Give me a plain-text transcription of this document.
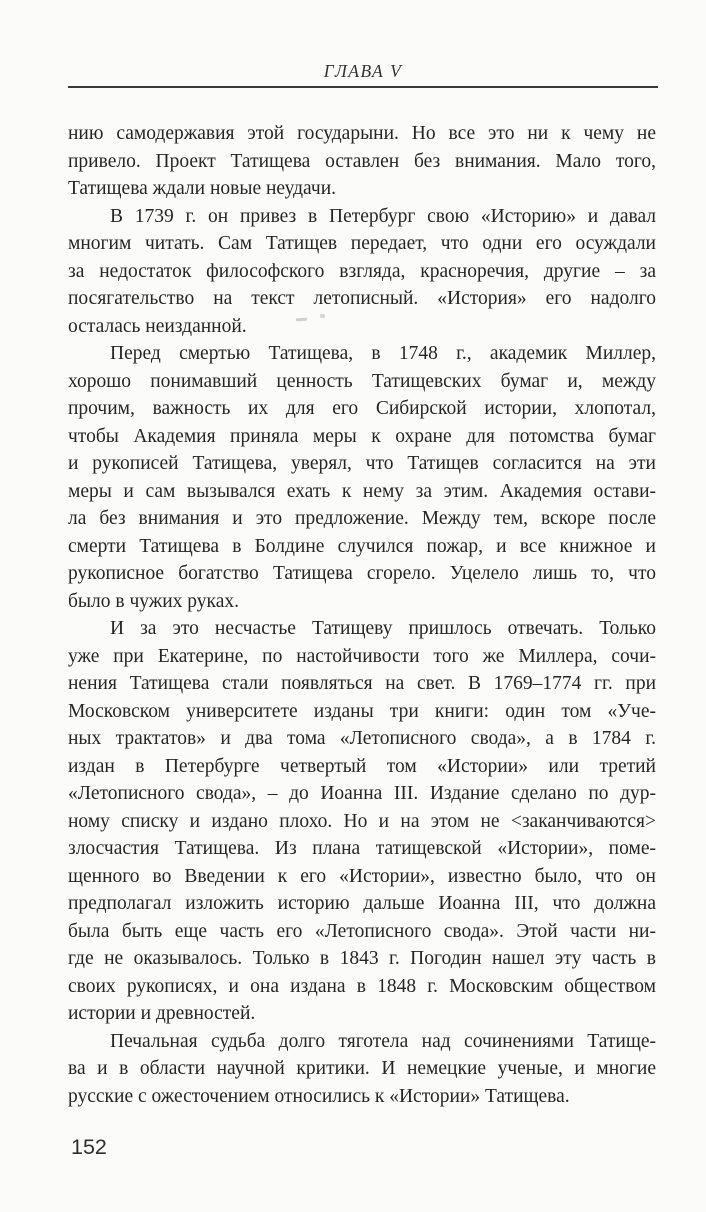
ГЛАВА V
нию самодержавия этой государыни. Но все это ни к чему не
привело. Проект Татищева оставлен без внимания. Мало того,
Татищева ждали новые неудачи.
В 1739 г. он привез в Петербург свою «Историю» и давал
многим читать. Сам Татищев передает, что одни его осуждали
за недостаток философского взгляда, красноречия, другие – за
посягательство на текст летописный. «История» его надолго
осталась неизданной.
Перед смертью Татищева, в 1748 г., академик Миллер,
хорошо понимавший ценность Татищевских бумаг и, между
прочим, важность их для его Сибирской истории, хлопотал,
чтобы Академия приняла меры к охране для потомства бумаг
и рукописей Татищева, уверял, что Татищев согласится на эти
меры и сам вызывался ехать к нему за этим. Академия остави-
ла без внимания и это предложение. Между тем, вскоре после
смерти Татищева в Болдине случился пожар, и все книжное и
рукописное богатство Татищева сгорело. Уцелело лишь то, что
было в чужих руках.
И за это несчастье Татищеву пришлось отвечать. Только
уже при Екатерине, по настойчивости того же Миллера, сочи-
нения Татищева стали появляться на свет. В 1769–1774 гг. при
Московском университете изданы три книги: один том «Уче-
ных трактатов» и два тома «Летописного свода», а в 1784 г.
издан в Петербурге четвертый том «Истории» или третий
«Летописного свода», – до Иоанна III. Издание сделано по дур-
ному списку и издано плохо. Но и на этом не <заканчиваются>
злосчастия Татищева. Из плана татищевской «Истории», поме-
щенного во Введении к его «Истории», известно было, что он
предполагал изложить историю дальше Иоанна III, что должна
была быть еще часть его «Летописного свода». Этой части ни-
где не оказывалось. Только в 1843 г. Погодин нашел эту часть в
своих рукописях, и она издана в 1848 г. Московским обществом
истории и древностей.
Печальная судьба долго тяготела над сочинениями Татище-
ва и в области научной критики. И немецкие ученые, и многие
русские с ожесточением относились к «Истории» Татищева.
152
